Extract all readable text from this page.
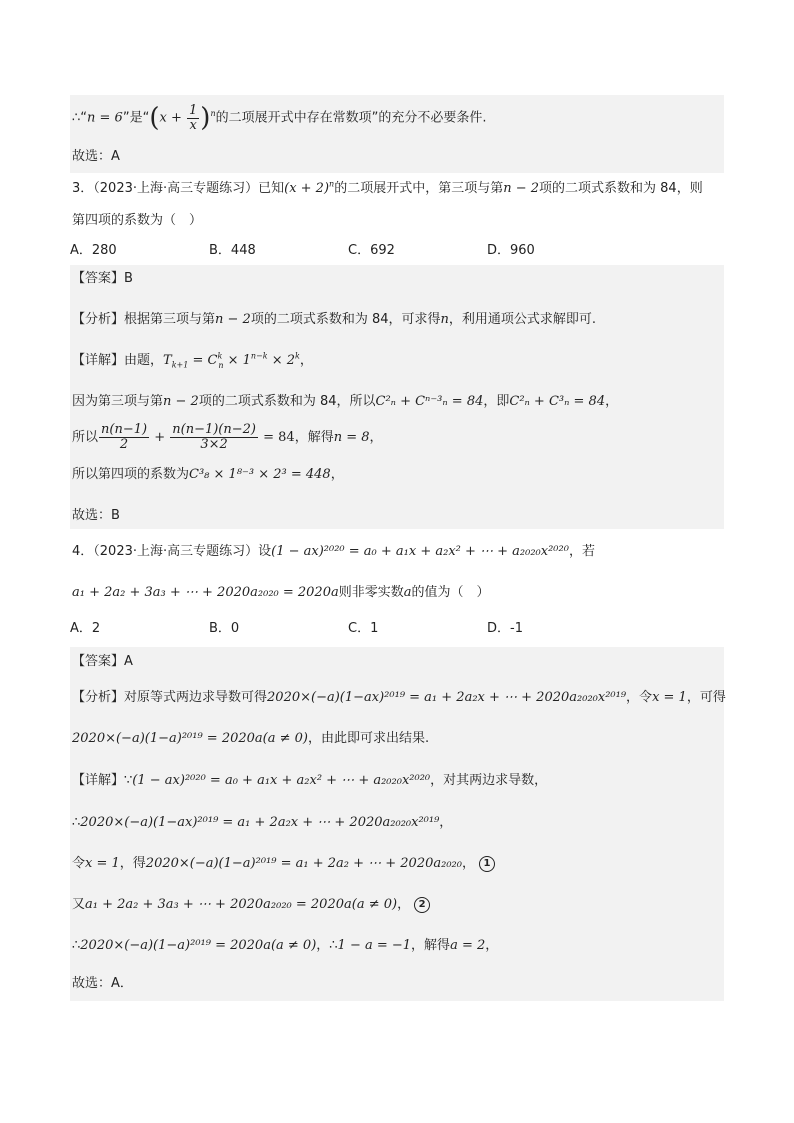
∴“n = 6”是“$(x + \frac{1}{x} )^n$的二项展开式中存在常数项”的充分不必要条件.
故选：A
3．（2023·上海·高三专题练习）已知$(x + 2)^n$的二项展开式中，第三项与第n − 2项的二项式系数和为 84，则
第四项的系数为（　）
A．280	B．448	C．692	D．960
【答案】B
【分析】根据第三项与第n − 2项的二项式系数和为 84，可求得n，利用通项公式求解即可.
【详解】由题，$T_{k+1} = C^k_n \times 1^{n-k} \times 2^k$，
因为第三项与第n − 2项的二项式系数和为 84，所以C²ₙ + Cⁿ⁻³ₙ = 84，即C²ₙ + C³ₙ = 84，
所以 $\frac{n(n-1)}{2} + \frac{n(n-1)(n-2)}{3\times 2} = 84$，解得n = 8，
所以第四项的系数为C³₈ × 1⁸⁻³ × 2³ = 448，
故选：B
4．（2023·上海·高三专题练习）设(1 − ax)²⁰²⁰ = a₀ + a₁x + a₂x² + ⋯ + a₂₀₂₀x²⁰²⁰，若
a₁ + 2a₂ + 3a₃ + ⋯ + 2020a₂₀₂₀ = 2020a则非零实数a的值为（　）
A．2	B．0	C．1	D．-1
【答案】A
【分析】对原等式两边求导数可得2020×(−a)(1−ax)²⁰¹⁹ = a₁ + 2a₂x + ⋯ + 2020a₂₀₂₀x²⁰¹⁹，令x = 1，可得
2020×(−a)(1−a)²⁰¹⁹ = 2020a(a ≠ 0)，由此即可求出结果.
【详解】∵(1 − ax)²⁰²⁰ = a₀ + a₁x + a₂x² + ⋯ + a₂₀₂₀x²⁰²⁰，对其两边求导数，
∴2020×(−a)(1−ax)²⁰¹⁹ = a₁ + 2a₂x + ⋯ + 2020a₂₀₂₀x²⁰¹⁹，
令x = 1，得2020×(−a)(1−a)²⁰¹⁹ = a₁ + 2a₂ + ⋯ + 2020a₂₀₂₀， 1
又a₁ + 2a₂ + 3a₃ + ⋯ + 2020a₂₀₂₀ = 2020a(a ≠ 0)， 2
∴2020×(−a)(1−a)²⁰¹⁹ = 2020a(a ≠ 0)，∴1 − a = −1，解得a = 2，
故选：A．
